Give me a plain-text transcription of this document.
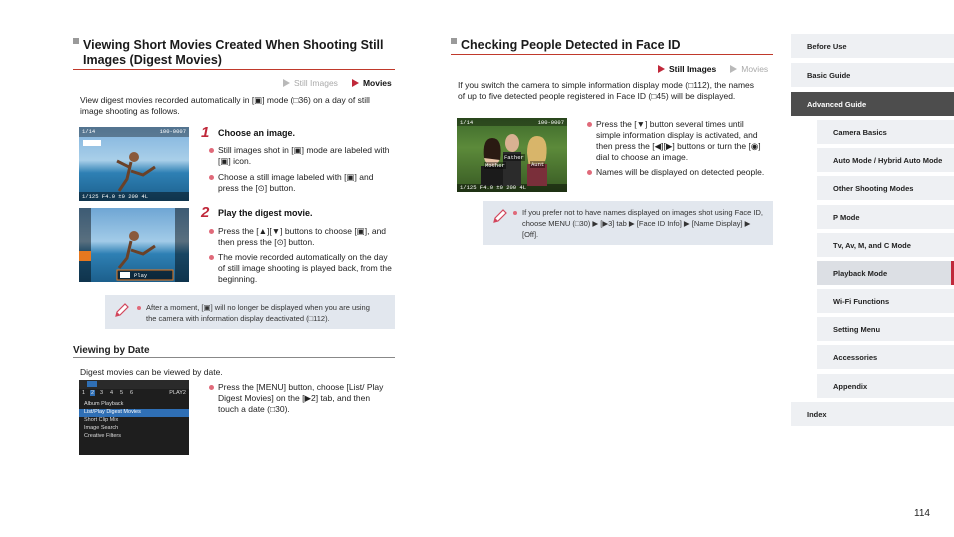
Viewing Short Movies Created When Shooting Still Images (Digest Movies)
Still Images	Movies
View digest movies recorded automatically in [▣] mode (□36) on a day of still image shooting as follows.
1/14	100-0007
1/125 F4.0 ±0 200 4L
1 Choose an image.
Still images shot in [▣] mode are labeled with [▣] icon.
Choose a still image labeled with [▣] and press the [⊙] button.
Play
2 Play the digest movie.
Press the [▲][▼] buttons to choose [▣], and then press the [⊙] button.
The movie recorded automatically on the day of still image shooting is played back, from the beginning.
After a moment, [▣] will no longer be displayed when you are using the camera with information display deactivated (□112).
Viewing by Date
Digest movies can be viewed by date.
1 2 3 4 5 6	PLAY2
Album Playback
List/Play Digest Movies
Short Clip Mix
Image Search
Creative Filters
Press the [MENU] button, choose [List/ Play Digest Movies] on the [▶2] tab, and then touch a date (□30).
Checking People Detected in Face ID
Still Images	Movies
If you switch the camera to simple information display mode (□112), the names of up to five detected people registered in Face ID (□45) will be displayed.
1/14	100-0007
Mother
Father
Aunt
1/125 F4.0 ±0 200 4L
Press the [▼] button several times until simple information display is activated, and then press the [◀][▶] buttons or turn the [◉] dial to choose an image.
Names will be displayed on detected people.
If you prefer not to have names displayed on images shot using Face ID, choose MENU (□30) ▶ [▶3] tab ▶ [Face ID Info] ▶ [Name Display] ▶ [Off].
Before Use
Basic Guide
Advanced Guide
Camera Basics
Auto Mode / Hybrid Auto Mode
Other Shooting Modes
P Mode
Tv, Av, M, and C Mode
Playback Mode
Wi-Fi Functions
Setting Menu
Accessories
Appendix
Index
114
